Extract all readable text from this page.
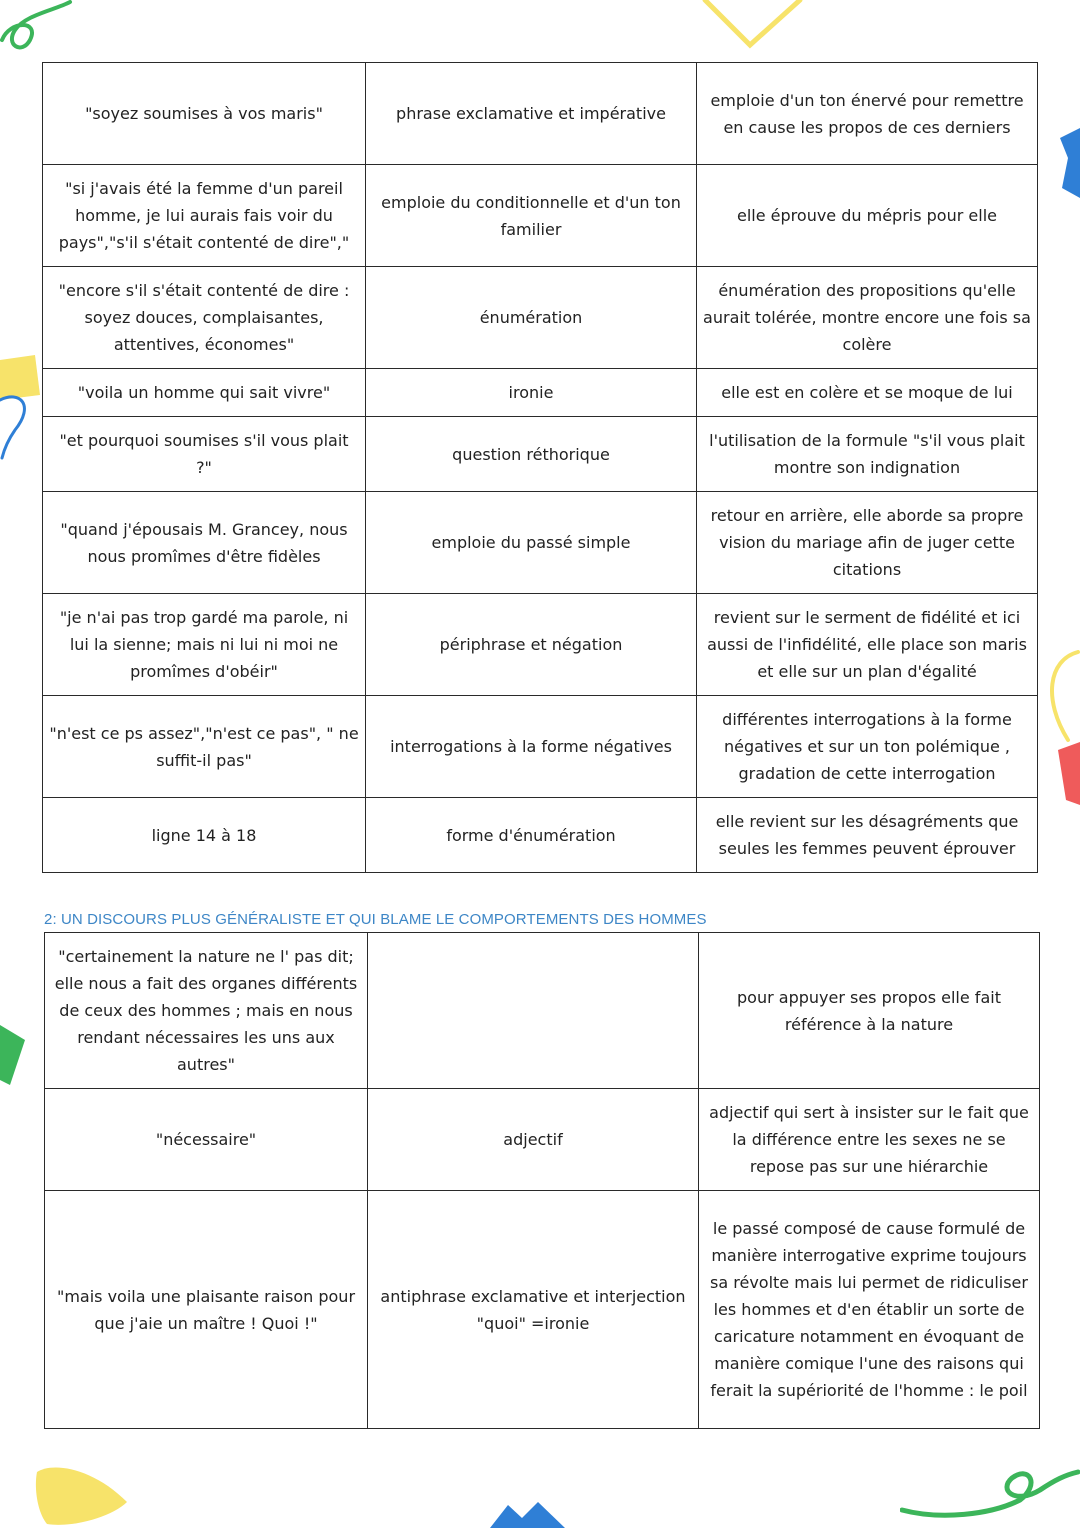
"soyez soumises à vos maris"	phrase exclamative et impérative	emploie d'un ton énervé pour remettre en cause les propos de ces derniers
"si j'avais été la femme d'un pareil homme, je lui aurais fais voir du pays","s'il s'était contenté de dire","	emploie du conditionnelle et d'un ton familier	elle éprouve du mépris pour elle
"encore s'il s'était contenté de dire : soyez douces, complaisantes, attentives, économes"	énumération	énumération des propositions qu'elle aurait tolérée, montre encore une fois sa colère
"voila un homme qui sait vivre"	ironie	elle est en colère et se moque de lui
"et pourquoi soumises s'il vous plait ?"	question réthorique	l'utilisation de la formule "s'il vous plait montre son indignation
"quand j'épousais M. Grancey, nous nous promîmes d'être fidèles	emploie du passé simple	retour en arrière, elle aborde sa propre vision du mariage afin de juger cette citations
"je n'ai pas trop gardé ma parole, ni lui la sienne; mais ni lui ni moi ne promîmes d'obéir"	périphrase et négation	revient sur le serment de fidélité et ici aussi de l'infidélité, elle place son maris et elle sur un plan d'égalité
"n'est ce ps assez","n'est ce pas", " ne suffit-il pas"	interrogations à la forme négatives	différentes interrogations à la forme négatives et sur un ton polémique , gradation de cette interrogation
ligne 14 à 18	forme d'énumération	elle revient sur les désagréments que seules les femmes peuvent éprouver
2: UN DISCOURS PLUS GÉNÉRALISTE ET QUI BLAME LE COMPORTEMENTS DES HOMMES
"certainement la nature ne l' pas dit; elle nous a fait des organes différents de ceux des hommes ; mais en nous rendant nécessaires les uns aux autres"		pour appuyer ses propos elle fait référence à la nature
"nécessaire"	adjectif	adjectif qui sert à insister sur le fait que la différence entre les sexes ne se repose pas sur une hiérarchie
"mais voila une plaisante raison pour que j'aie un maître ! Quoi !"	antiphrase exclamative et interjection "quoi" =ironie	le passé composé de cause formulé de manière interrogative exprime toujours sa révolte mais lui permet de ridiculiser les hommes et d'en établir un sorte de caricature notamment en évoquant de manière comique l'une des raisons qui ferait la supériorité de l'homme : le poil
